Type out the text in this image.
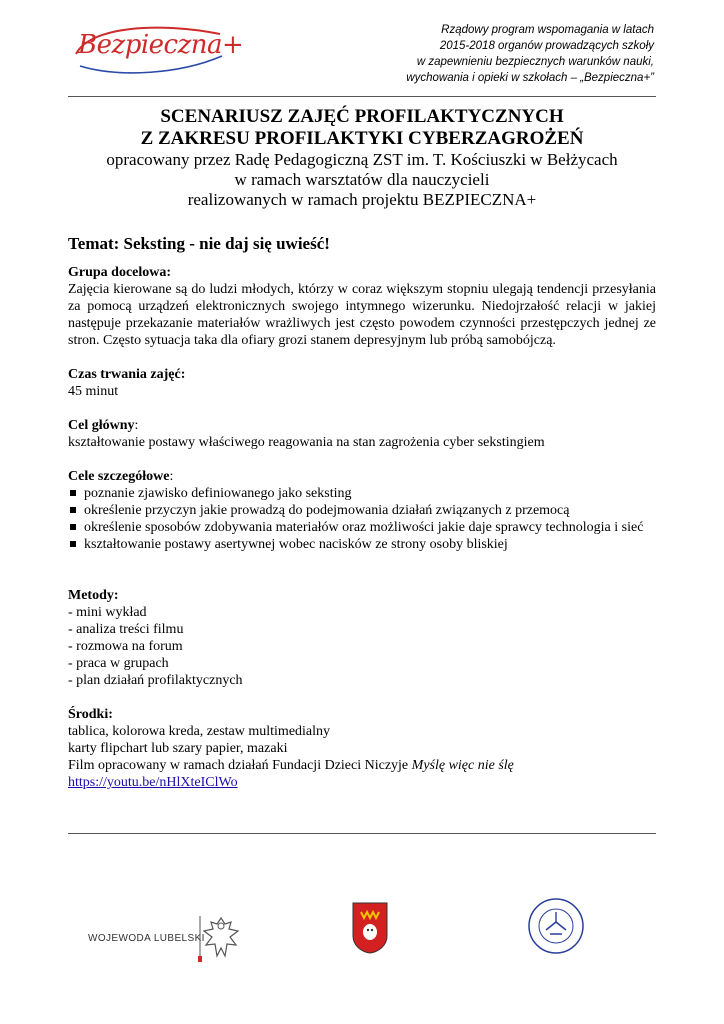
Bezpieczna+	Rządowy program wspomagania w latach
2015-2018 organów prowadzących szkoły
w zapewnieniu bezpiecznych warunków nauki,
wychowania i opieki w szkołach – „Bezpieczna+”
SCENARIUSZ ZAJĘĆ PROFILAKTYCZNYCH
Z ZAKRESU PROFILAKTYKI CYBERZAGROŻEŃ
opracowany przez Radę Pedagogiczną ZST im. T. Kościuszki w Bełżycach
w ramach warsztatów dla nauczycieli
realizowanych w ramach projektu BEZPIECZNA+
Temat: Seksting - nie daj się uwieść!
Grupa docelowa:
Zajęcia kierowane są do ludzi młodych, którzy w coraz większym stopniu ulegają tendencji przesyłania za pomocą urządzeń elektronicznych swojego intymnego wizerunku. Niedojrzałość relacji w jakiej następuje przekazanie materiałów wrażliwych jest często powodem czynności przestępczych jednej ze stron. Często sytuacja taka dla ofiary grozi stanem depresyjnym lub próbą samobójczą.
Czas trwania zajęć:
45 minut
Cel główny:
kształtowanie postawy właściwego reagowania na stan zagrożenia cyber sekstingiem
Cele szczegółowe:
poznanie zjawisko definiowanego jako seksting
określenie przyczyn jakie prowadzą do podejmowania działań związanych z przemocą
określenie sposobów zdobywania materiałów oraz możliwości jakie daje sprawcy technologia i sieć
kształtowanie postawy asertywnej wobec nacisków ze strony osoby bliskiej
Metody:
- mini wykład
- analiza treści filmu
- rozmowa na forum
- praca w grupach
- plan działań profilaktycznych
Środki:
tablica, kolorowa kreda, zestaw multimedialny
karty flipchart lub szary papier, mazaki
Film opracowany w ramach działań Fundacji Dzieci Niczyje Myślę więc nie ślę
https://youtu.be/nHlXteIClWo
WOJEWODA LUBELSKI
